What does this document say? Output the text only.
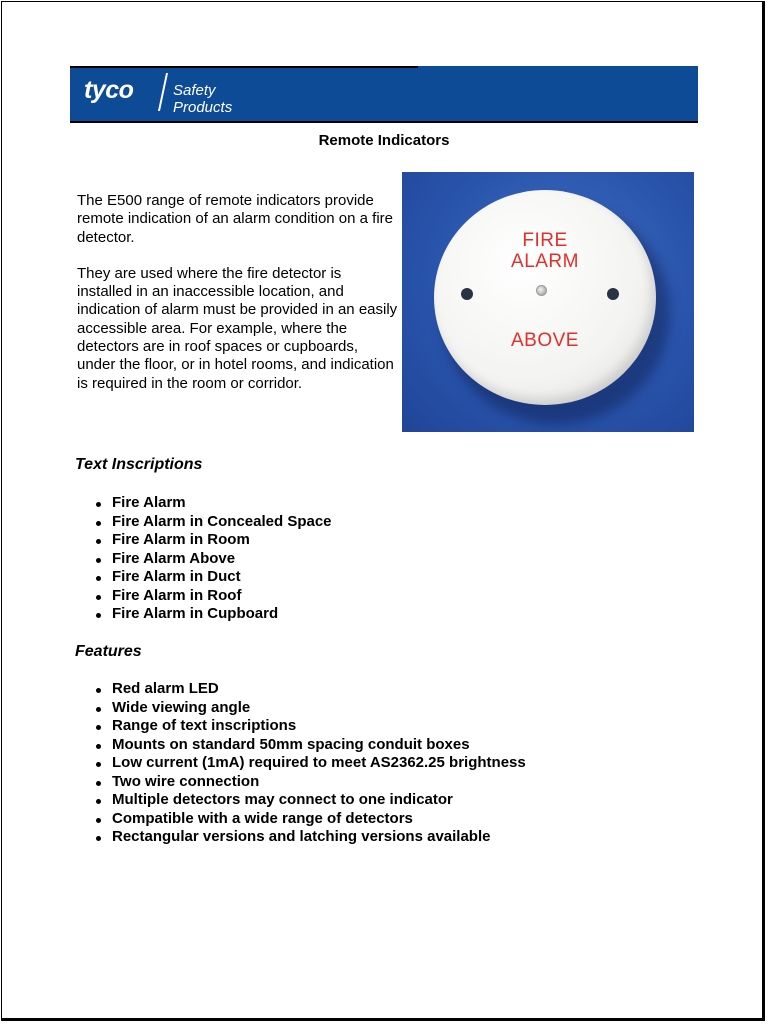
tyco	Safety
Products
Remote Indicators

The E500 range of remote indicators provide remote indication of an alarm condition on a fire detector.

They are used where the fire detector is installed in an inaccessible location, and indication of alarm must be provided in an easily accessible area. For example, where the detectors are in roof spaces or cupboards, under the floor, or in hotel rooms, and indication is required in the room or corridor.

FIRE
ALARM
ABOVE
Text Inscriptions
Fire Alarm
Fire Alarm in Concealed Space
Fire Alarm in Room
Fire Alarm Above
Fire Alarm in Duct
Fire Alarm in Roof
Fire Alarm in Cupboard
Features
Red alarm LED
Wide viewing angle
Range of text inscriptions
Mounts on standard 50mm spacing conduit boxes
Low current (1mA) required to meet AS2362.25 brightness
Two wire connection
Multiple detectors may connect to one indicator
Compatible with a wide range of detectors
Rectangular versions and latching versions available
